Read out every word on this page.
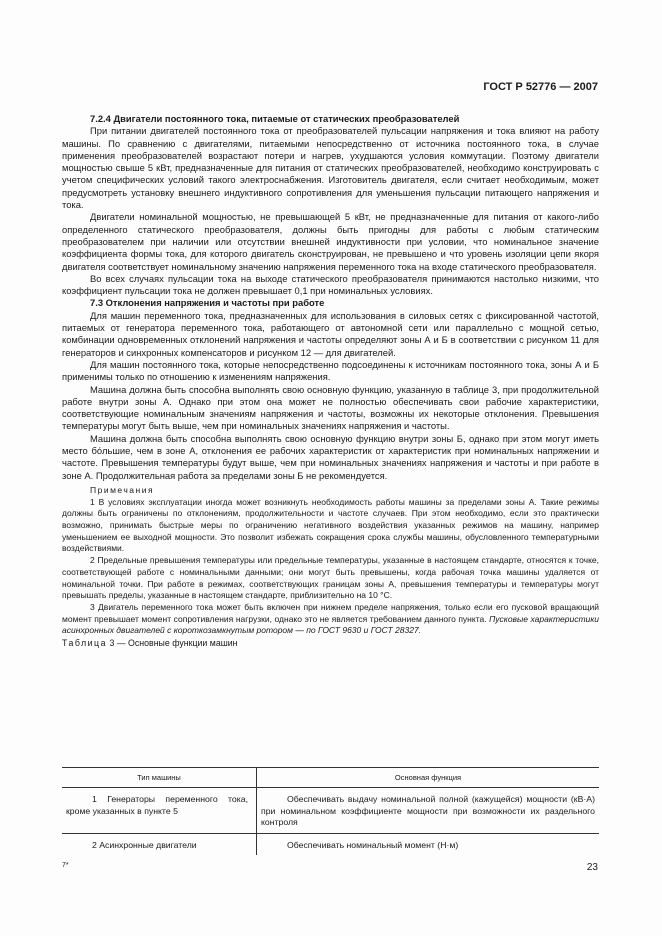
ГОСТ Р 52776 — 2007

7.2.4 Двигатели постоянного тока, питаемые от статических преобразователей

При питании двигателей постоянного тока от преобразователей пульсации напряжения и тока влияют на работу машины. По сравнению с двигателями, питаемыми непосредственно от источника постоянного тока, в случае применения преобразователей возрастают потери и нагрев, ухудшаются условия коммутации. Поэтому двигатели мощностью свыше 5 кВт, предназначенные для питания от статических преобразователей, необходимо конструировать с учетом специфических условий такого электроснабжения. Изготовитель двигателя, если считает необходимым, может предусмотреть установку внешнего индуктивного сопротивления для уменьшения пульсации питающего напряжения и тока.

Двигатели номинальной мощностью, не превышающей 5 кВт, не предназначенные для питания от какого-либо определенного статического преобразователя, должны быть пригодны для работы с любым статическим преобразователем при наличии или отсутствии внешней индуктивности при условии, что номинальное значение коэффициента формы тока, для которого двигатель сконструирован, не превышено и что уровень изоляции цепи якоря двигателя соответствует номинальному значению напряжения переменного тока на входе статического преобразователя.

Во всех случаях пульсации тока на выходе статического преобразователя принимаются настолько низкими, что коэффициент пульсации тока не должен превышает 0,1 при номинальных условиях.

7.3 Отклонения напряжения и частоты при работе

Для машин переменного тока, предназначенных для использования в силовых сетях с фиксированной частотой, питаемых от генератора переменного тока, работающего от автономной сети или параллельно с мощной сетью, комбинации одновременных отклонений напряжения и частоты определяют зоны А и Б в соответствии с рисунком 11 для генераторов и синхронных компенсаторов и рисунком 12 — для двигателей.

Для машин постоянного тока, которые непосредственно подсоединены к источникам постоянного тока, зоны А и Б применимы только по отношению к изменениям напряжения.

Машина должна быть способна выполнять свою основную функцию, указанную в таблице 3, при продолжительной работе внутри зоны А. Однако при этом она может не полностью обеспечивать свои рабочие характеристики, соответствующие номинальным значениям напряжения и частоты, возможны их некоторые отклонения. Превышения температуры могут быть выше, чем при номинальных значениях напряжения и частоты.

Машина должна быть способна выполнять свою основную функцию внутри зоны Б, однако при этом могут иметь место бо́льшие, чем в зоне А, отклонения ее рабочих характеристик от характеристик при номинальных напряжении и частоте. Превышения температуры будут выше, чем при номинальных значениях напряжения и частоты и при работе в зоне А. Продолжительная работа за пределами зоны Б не рекомендуется.

Примечания

1 В условиях эксплуатации иногда может возникнуть необходимость работы машины за пределами зоны А. Такие режимы должны быть ограничены по отклонениям, продолжительности и частоте случаев. При этом необходимо, если это практически возможно, принимать быстрые меры по ограничению негативного воздействия указанных режимов на машину, например уменьшением ее выходной мощности. Это позволит избежать сокращения срока службы машины, обусловленного температурными воздействиями.

2 Предельные превышения температуры или предельные температуры, указанные в настоящем стандарте, относятся к точке, соответствующей работе с номинальными данными; они могут быть превышены, когда рабочая точка машины удаляется от номинальной точки. При работе в режимах, соответствующих границам зоны А, превышения температуры и температуры могут превышать пределы, указанные в настоящем стандарте, приблизительно на 10 °С.

3 Двигатель переменного тока может быть включен при нижнем пределе напряжения, только если его пусковой вращающий момент превышает момент сопротивления нагрузки, однако это не является требованием данного пункта. Пусковые характеристики асинхронных двигателей с короткозамкнутым ротором — по ГОСТ 9630 и ГОСТ 28327.

Таблица 3 — Основные функции машин

Тип машины	Основная функция
1 Генераторы переменного тока, кроме указанных в пункте 5	Обеспечивать выдачу номинальной полной (кажущейся) мощности (кВ·А) при номинальном коэффициенте мощности при возможности их раздельного контроля
2 Асинхронные двигатели	Обеспечивать номинальный момент (Н·м)
7*	23
